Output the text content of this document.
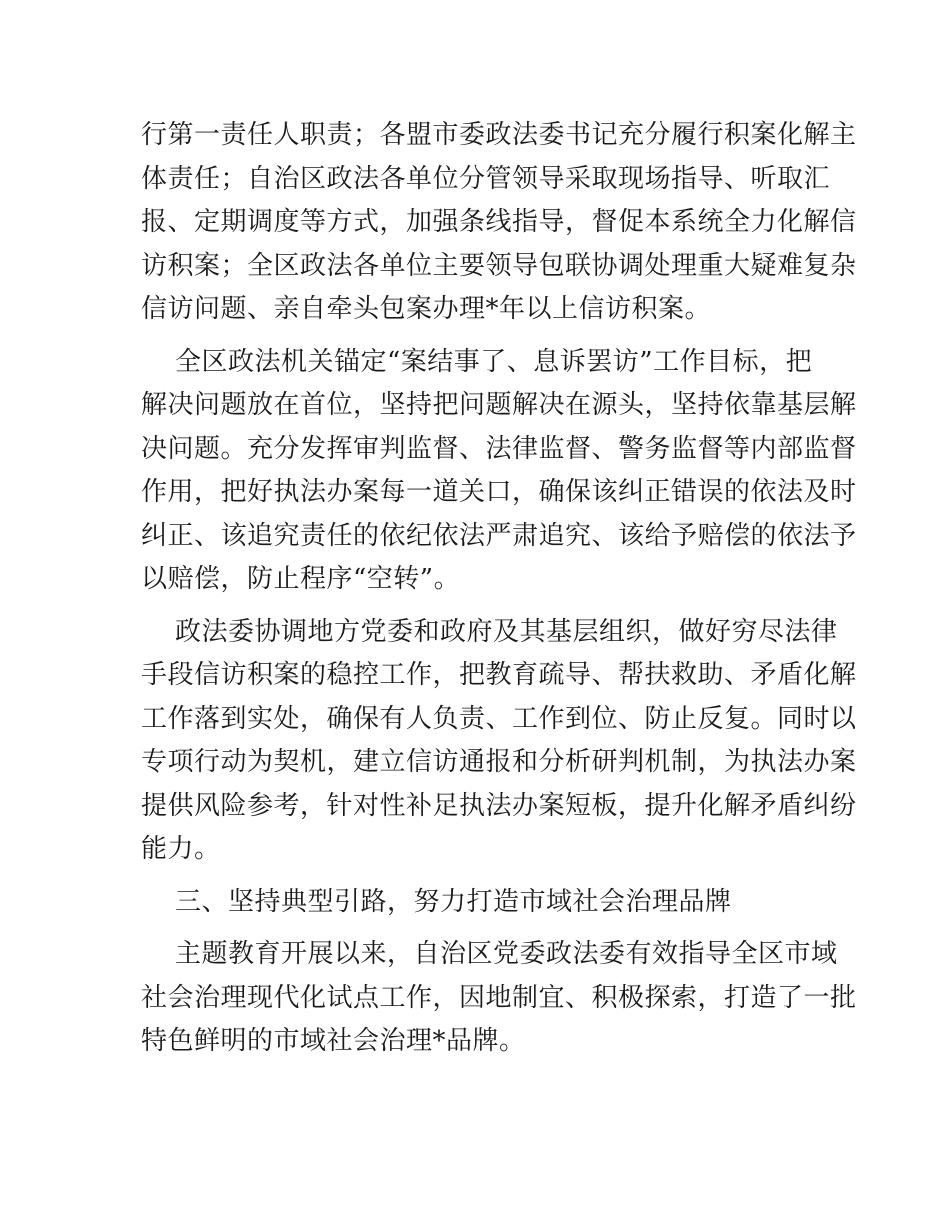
行第一责任人职责；各盟市委政法委书记充分履行积案化解主
体责任；自治区政法各单位分管领导采取现场指导、听取汇
报、定期调度等方式，加强条线指导，督促本系统全力化解信
访积案；全区政法各单位主要领导包联协调处理重大疑难复杂
信访问题、亲自牵头包案办理*年以上信访积案。

全区政法机关锚定“案结事了、息诉罢访”工作目标，把
解决问题放在首位，坚持把问题解决在源头，坚持依靠基层解
决问题。充分发挥审判监督、法律监督、警务监督等内部监督
作用，把好执法办案每一道关口，确保该纠正错误的依法及时
纠正、该追究责任的依纪依法严肃追究、该给予赔偿的依法予
以赔偿，防止程序“空转”。

政法委协调地方党委和政府及其基层组织，做好穷尽法律
手段信访积案的稳控工作，把教育疏导、帮扶救助、矛盾化解
工作落到实处，确保有人负责、工作到位、防止反复。同时以
专项行动为契机，建立信访通报和分析研判机制，为执法办案
提供风险参考，针对性补足执法办案短板，提升化解矛盾纠纷
能力。

三、坚持典型引路，努力打造市域社会治理品牌

主题教育开展以来，自治区党委政法委有效指导全区市域
社会治理现代化试点工作，因地制宜、积极探索，打造了一批
特色鲜明的市域社会治理*品牌。
